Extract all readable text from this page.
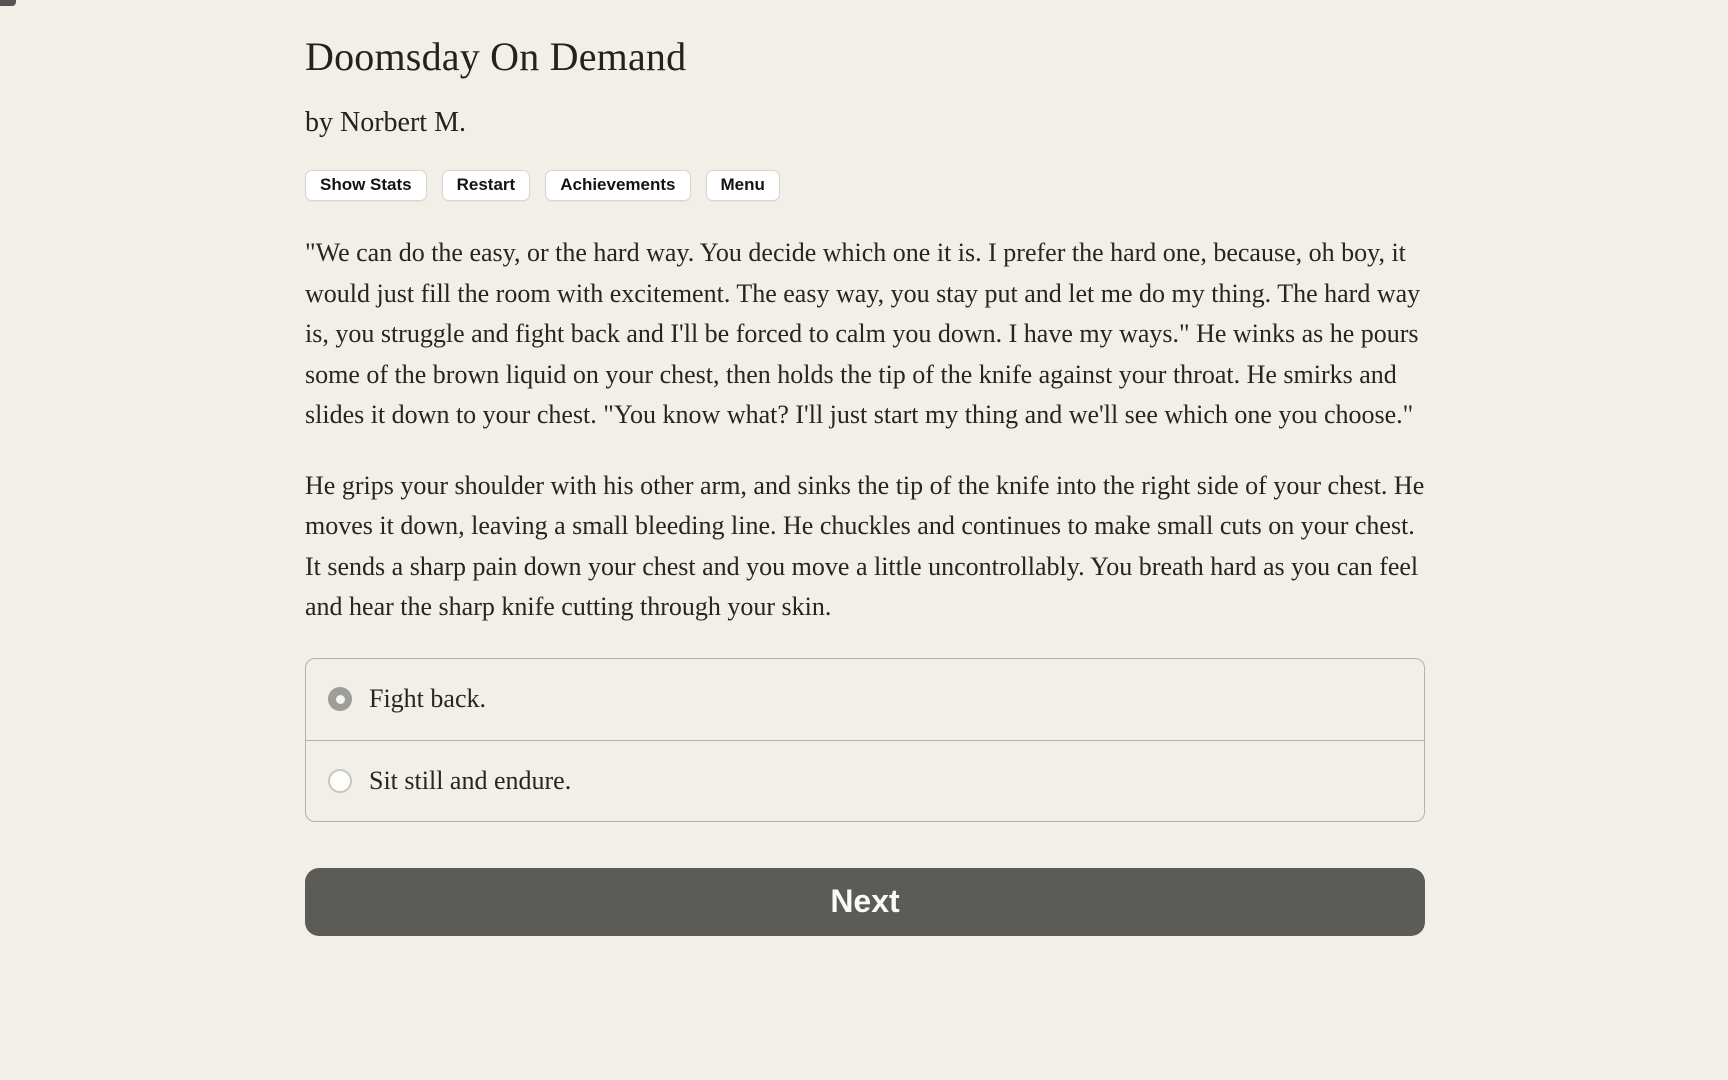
Doomsday On Demand
by Norbert M.
Show Stats	Restart	Achievements	Menu

"We can do the easy, or the hard way. You decide which one it is. I prefer the hard one, because, oh boy, it would just fill the room with excitement. The easy way, you stay put and let me do my thing. The hard way is, you struggle and fight back and I'll be forced to calm you down. I have my ways." He winks as he pours some of the brown liquid on your chest, then holds the tip of the knife against your throat. He smirks and slides it down to your chest. "You know what? I'll just start my thing and we'll see which one you choose."

He grips your shoulder with his other arm, and sinks the tip of the knife into the right side of your chest. He moves it down, leaving a small bleeding line. He chuckles and continues to make small cuts on your chest. It sends a sharp pain down your chest and you move a little uncontrollably. You breath hard as you can feel and hear the sharp knife cutting through your skin.

Fight back.
Sit still and endure.
Next
